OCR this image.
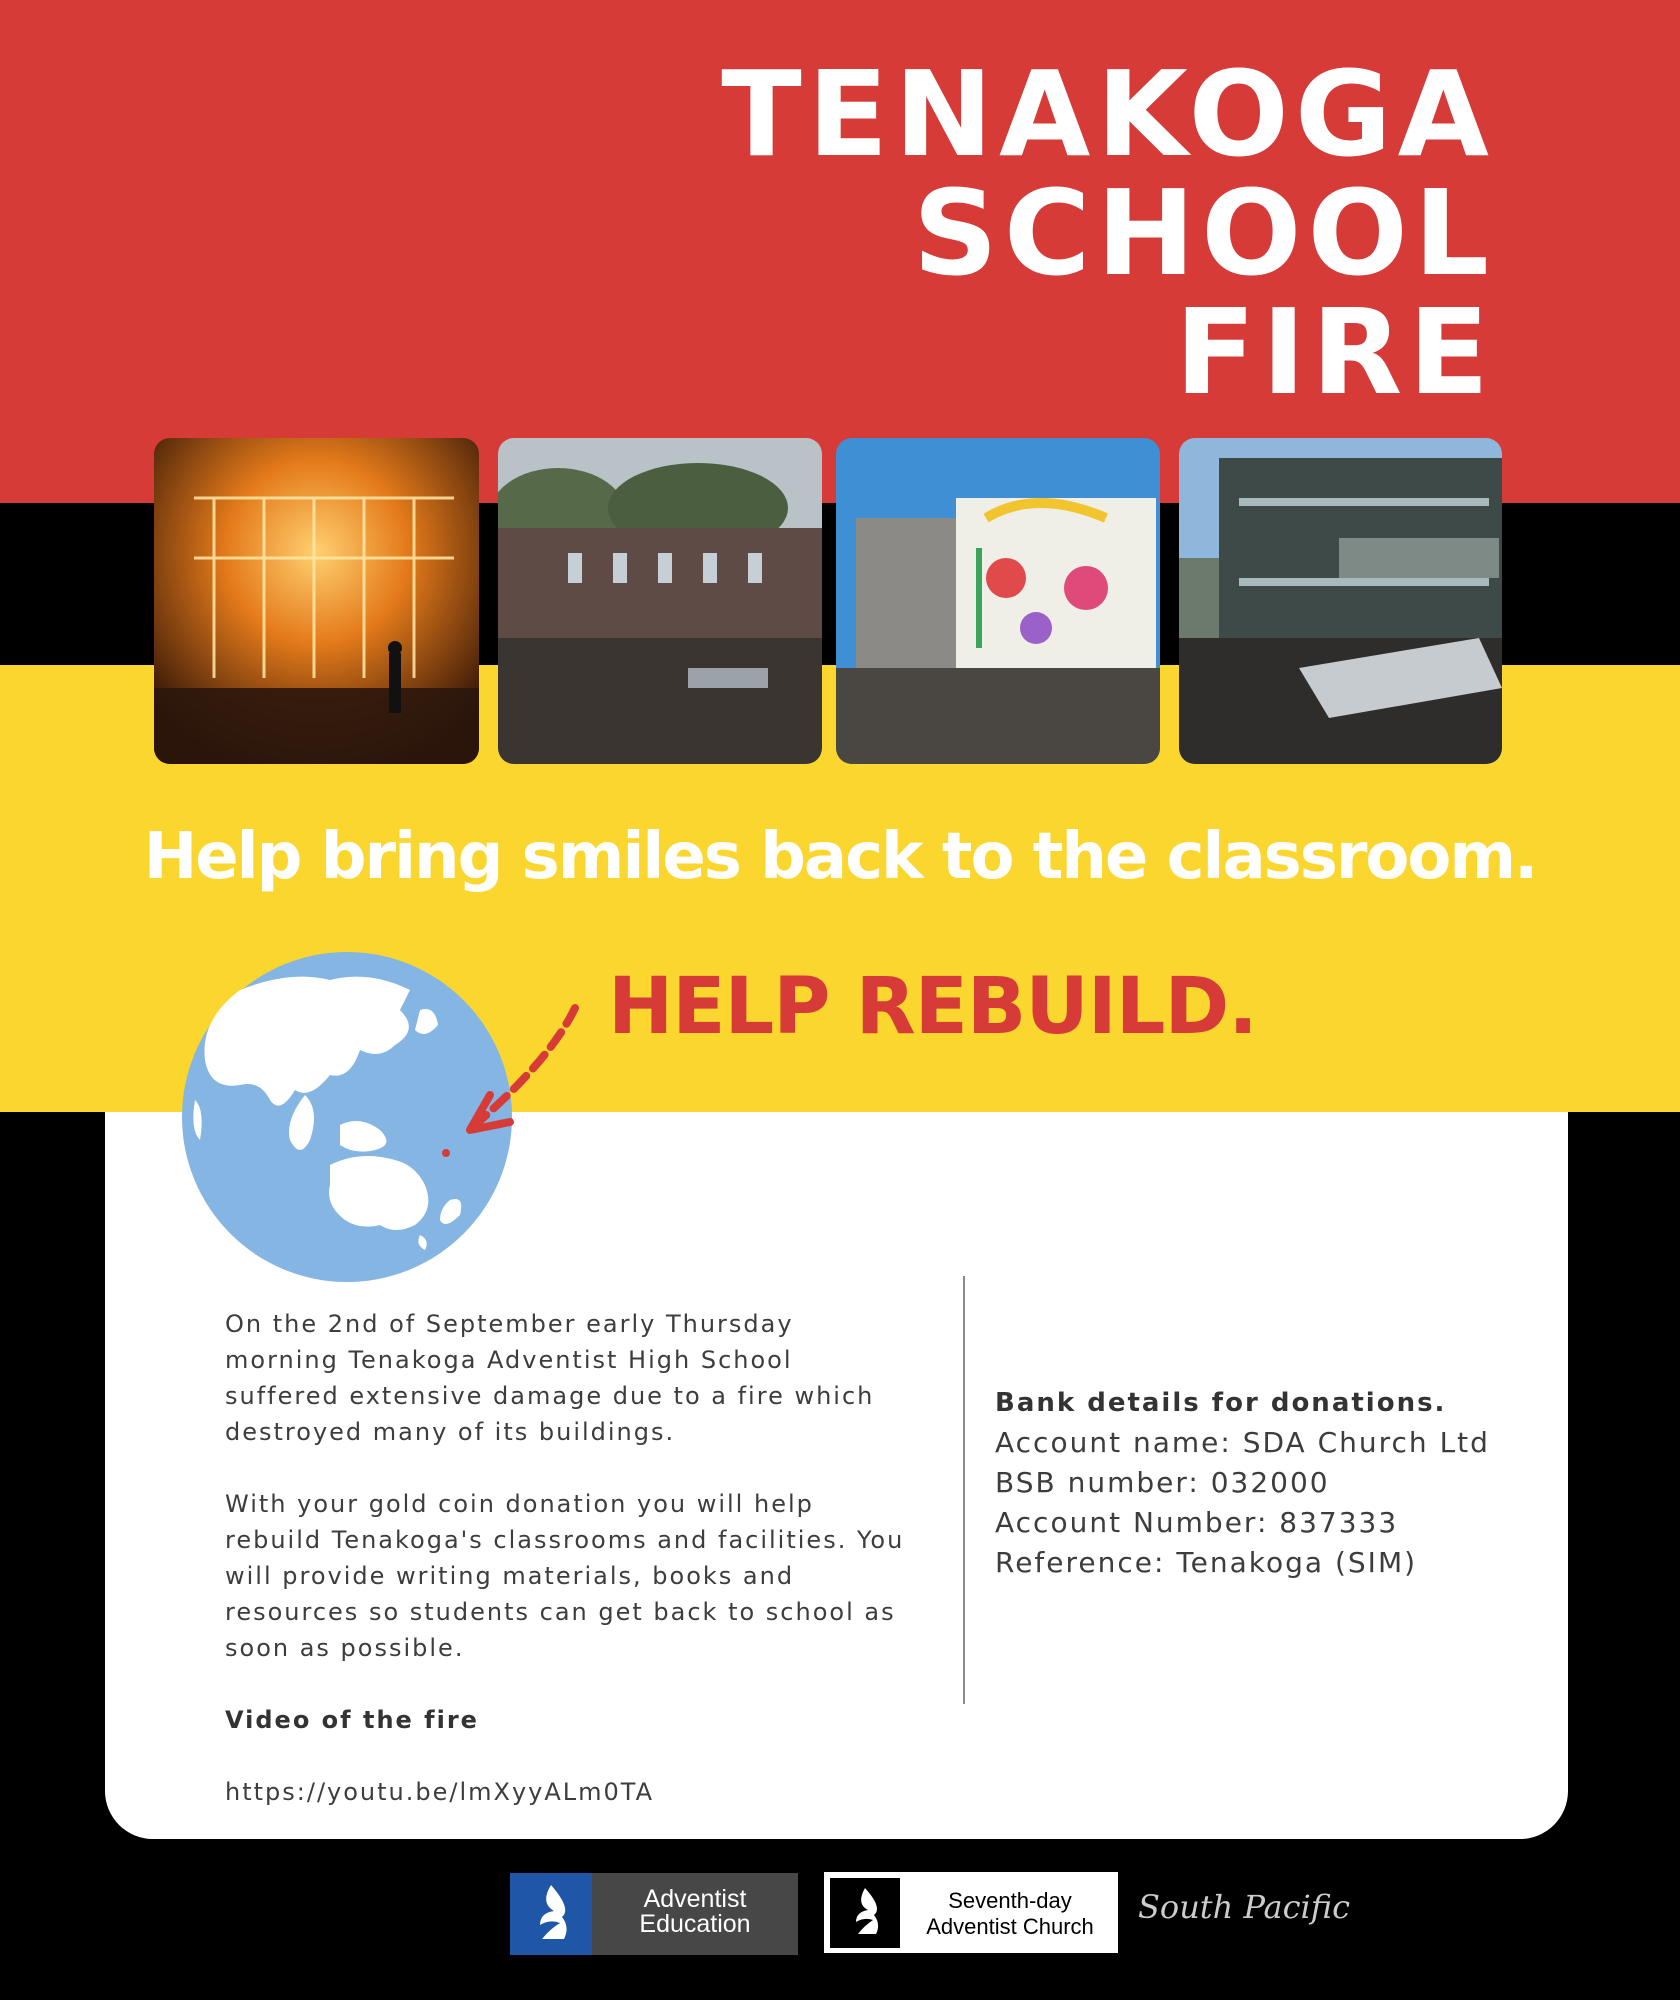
TENAKOGA
SCHOOL
FIRE
Help bring smiles back to the classroom.
HELP REBUILD.

On the 2nd of September early Thursday morning Tenakoga Adventist High School suffered extensive damage due to a fire which destroyed many of its buildings.

With your gold coin donation you will help rebuild Tenakoga's classrooms and facilities. You will provide writing materials, books and resources so students can get back to school as soon as possible.

Video of the fire

https://youtu.be/lmXyyALm0TA

Bank details for donations.
Account name: SDA Church Ltd
BSB number: 032000
Account Number: 837333
Reference: Tenakoga (SIM)
Adventist
Education
Seventh-day
Adventist Church
South Pacific
